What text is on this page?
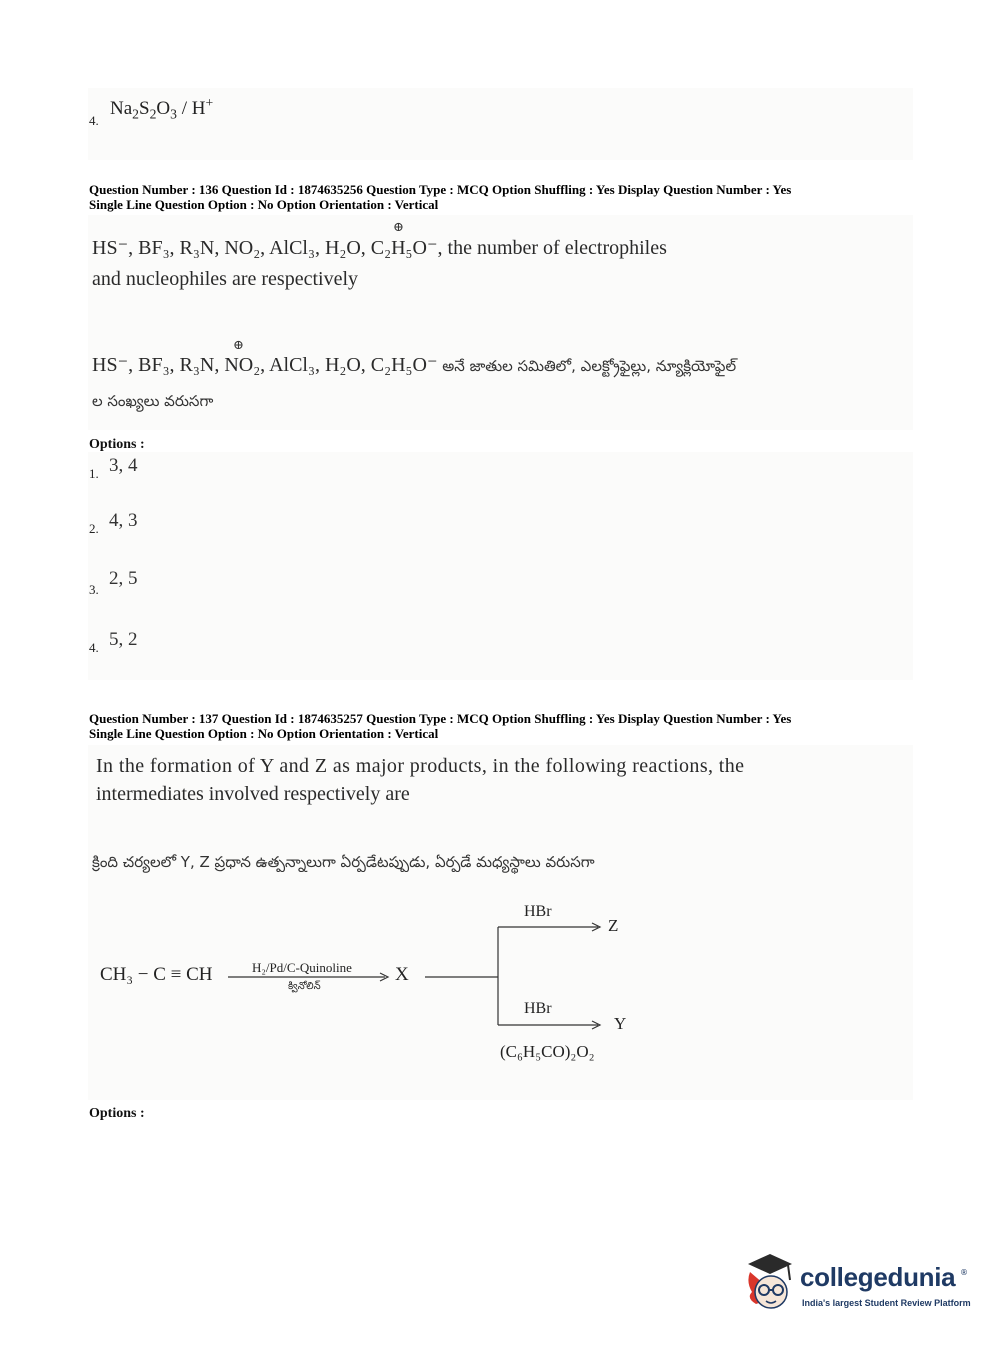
4.
$Na_2S_2O_3 / H^+$
Question Number : 136 Question Id : 1874635256 Question Type : MCQ Option Shuffling : Yes Display Question Number : Yes
Single Line Question Option : No Option Orientation : Vertical
⊕
HS⁻, BF₃, R₃N, NO₂, AlCl₃, H₂O, C₂H₅O⁻, the number of electrophiles
and nucleophiles are respectively
⊕
HS⁻, BF₃, R₃N, NO₂, AlCl₃, H₂O, C₂H₅O⁻ అనే జాతుల సమితిలో, ఎలక్ట్రోఫైల్లు, న్యూక్లియోఫైల్
ల సంఖ్యలు వరుసగా
Options :
1. 3, 4
2. 4, 3
3.
2, 5
4. 5, 2
Question Number : 137 Question Id : 1874635257 Question Type : MCQ Option Shuffling : Yes Display Question Number : Yes
Single Line Question Option : No Option Orientation : Vertical
In the formation of Y and Z as major products, in the following reactions, the
intermediates involved respectively are
క్రింది చర్యలలో Y, Z ప్రధాన ఉత్పన్నాలుగా ఏర్పడేటప్పుడు, ఏర్పడే మధ్యస్థాలు వరుసగా
CH₃ − C ≡ CH	H₂/Pd/C-Quinoline
క్వినోలిన్
X
HBr
Z
HBr
Y
(C₆H₅CO)₂O₂
Options :
collegedunia ®
India's largest Student Review Platform
